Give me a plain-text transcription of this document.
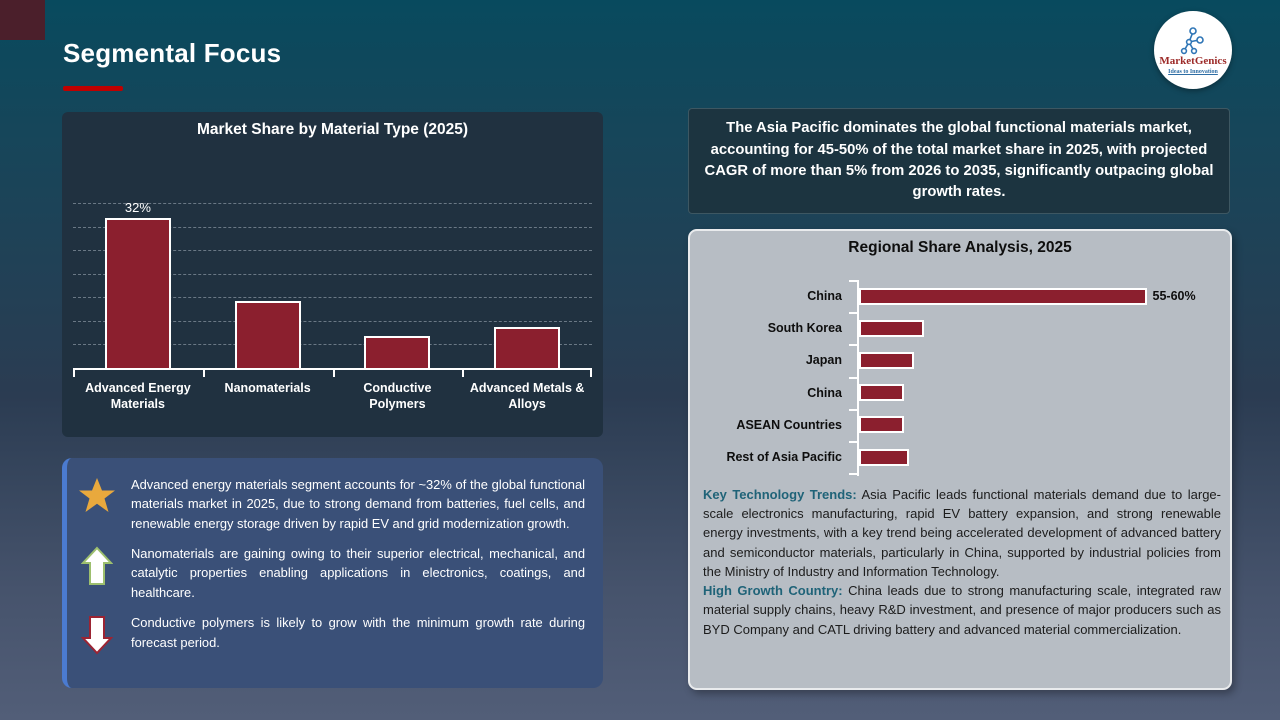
Segmental Focus	MarketGenics
Ideas to Innovation
Market Share by Material Type (2025)
32%
Advanced Energy Materials
Nanomaterials	Conductive Polymers
Advanced Metals & Alloys
Advanced energy materials segment accounts for ~32% of the global functional materials market in 2025, due to strong demand from batteries, fuel cells, and renewable energy storage driven by rapid EV and grid modernization growth.
Nanomaterials are gaining owing to their superior electrical, mechanical, and catalytic properties enabling applications in electronics, coatings, and healthcare.
Conductive polymers is likely to grow with the minimum growth rate during forecast period.
The Asia Pacific dominates the global functional materials market, accounting for 45-50% of the total market share in 2025, with projected CAGR of more than 5% from 2026 to 2035, significantly outpacing global growth rates.
Regional Share Analysis, 2025
China	55-60%
South Korea
Japan
China
ASEAN Countries
Rest of Asia Pacific

Key Technology Trends: Asia Pacific leads functional materials demand due to large-scale electronics manufacturing, rapid EV battery expansion, and strong renewable energy investments, with a key trend being accelerated development of advanced battery and semiconductor materials, particularly in China, supported by industrial policies from the Ministry of Industry and Information Technology.

High Growth Country: China leads due to strong manufacturing scale, integrated raw material supply chains, heavy R&D investment, and presence of major producers such as BYD Company and CATL driving battery and advanced material commercialization.
